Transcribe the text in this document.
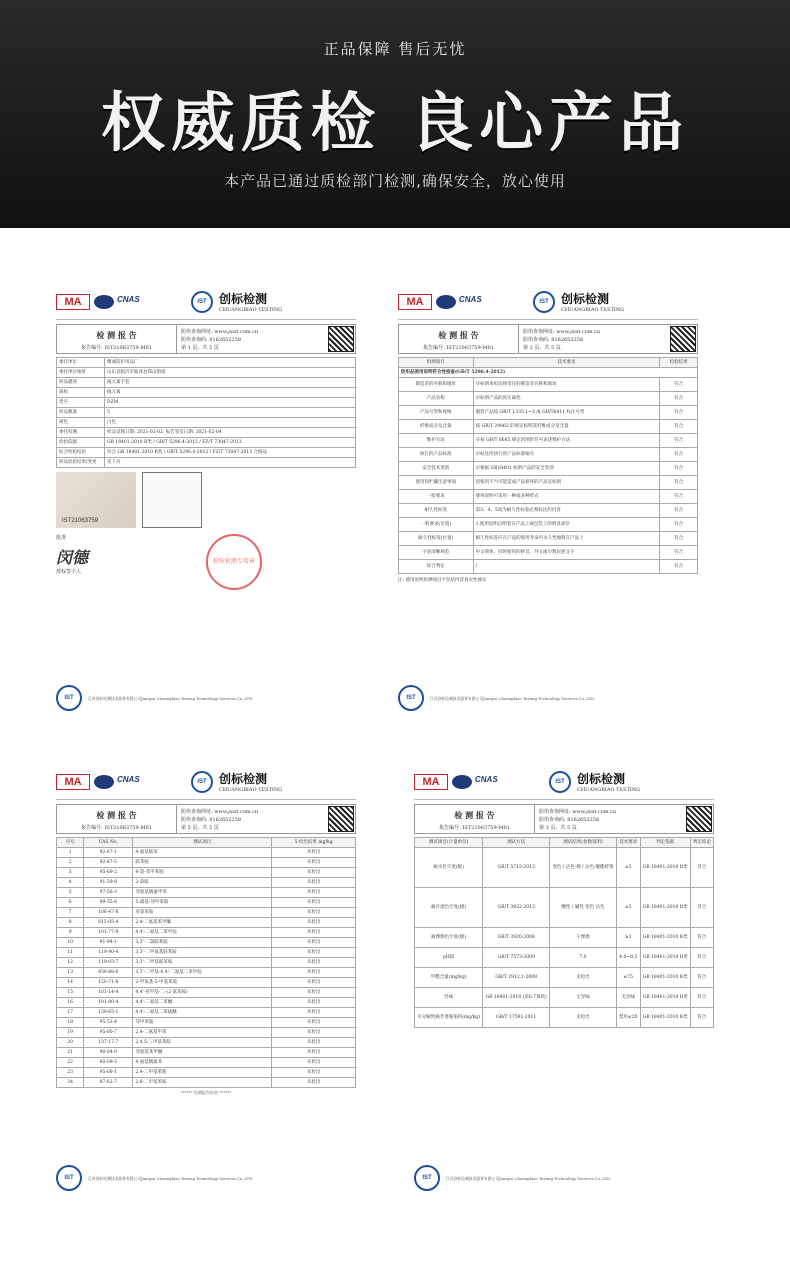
正品保障 售后无忧
权威质检 良心产品
本产品已通过质检部门检测,确保安全，放心使用
MA	CNAS	IST	创标检测
CHUANGBIAO TESTING
检 测 报 告
报告编号: IST21063759-M01
防伪查询网址: www.jsist.com.cn
防伪查询码: 8162652258
第 1 页，共 5 页
委托单位	精诚防护用品厂
委托单位地址	山东省临沂市临沭县郑山街道
样品描述	线元素手套
商标	线元素
货号	DZM
样品数量	5
颜色	白色
委托检测	样品受理日期: 2021-02-02, 报告签发日期: 2021-02-04
检验依据	GB 18401-2010 B类 / GB/T 5296.4-2012 / FZ/T 73047-2013
综合检验结论	符合 GB 18401-2010 B类 / GB/T 5296.4-2012 / FZ/T 73047-2013 合格品
样品检验结果/变更	见下页
IST21063759
批准
闵德
授权签字人
检验检测专用章
IST	江苏创标检测技术服务有限公司Jiangsu Chuangbiao Testing Technology Services Co.,LTD.
MA	CNAS	IST	创标检测
CHUANGBIAO TESTING
检 测 报 告
报告编号: IST21063759-M01
防伪查询网址: www.jsist.com.cn
防伪查询码: 8162652258
第 2 页，共 5 页
检测项目	技术要求	检验结果
防织品使用说明符合性检查(GB/T 5296.4-2012)		
制造者的名称和地址	应标明承担法律责任的制造者名称和地址	符合
产品名称	应标明产品的真实属性	符合
产品号型和规格	服装产品按 GB/T 1335.1~3 或 GB/T6411 标注号型	符合
纤维成分及含量	按 GB/T 29862 的规定标明其纤维成分及含量	符合
维护方法	应按 GB/T 8685 规定的图形符号表述维护方法	符合
执行的产品标准	应标注所执行的产品标准编号	符合
安全技术类别	应根据 GB18401 标明产品的安全类别	符合
使用和贮藏注意事项	因使用不当可能造成产品损坏的产品宜标明	符合
一般要求	使用说明可采用一种或多种形式	符合
耐久性标签	第3、4、5项为耐久性标签必须标注的内容	符合
一般要求(位置)	1.使用说明应附着在产品上或包装上的明显部位	符合
耐久性标签(位置)	耐久性标签应在产品的使用寿命内永久性地附在产品上	符合
字迹清晰规范	中文简体，同时使用的拼音、外文或少数民族文字	符合
综合判定	/	符合
注: 使用说明检测项目不包括内容真实性核实
IST	江苏创标检测技术服务有限公司Jiangsu Chuangbiao Testing Technology Services Co.,LTD.
MA	CNAS	IST	创标检测
CHUANGBIAO TESTING
检 测 报 告
报告编号: IST21063759-M01
防伪查询网址: www.jsist.com.cn
防伪查询码: 8162652258
第 5 页，共 5 页
序号	CAS No.	测试项目	5 检出结果 mg/kg
1	92-67-1	4-氨基联苯	未检出
2	92-87-5	联苯胺	未检出
3	95-69-2	4-氯-邻甲苯胺	未检出
4	91-59-8	2-萘胺	未检出
5	97-56-3	邻氨基偶氮甲苯	未检出
6	99-55-8	5-硝基-邻甲苯胺	未检出
7	106-47-8	对氯苯胺	未检出
8	615-05-4	2,4-二氨基苯甲醚	未检出
9	101-77-9	4,4'-二氨基二苯甲烷	未检出
10	91-94-1	3,3'-二氯联苯胺	未检出
11	119-90-4	3,3'-二甲氧基联苯胺	未检出
12	119-93-7	3,3'-二甲基联苯胺	未检出
13	838-88-0	3,3'-二甲基-4,4'-二氨基二苯甲烷	未检出
14	120-71-8	2-甲氧基-5-甲基苯胺	未检出
15	101-14-4	4,4'-亚甲基-二-(2-氯苯胺)	未检出
16	101-80-4	4,4'-二氨基二苯醚	未检出
17	139-65-1	4,4'-二氨基二苯硫醚	未检出
18	95-53-4	邻甲苯胺	未检出
19	95-80-7	2,4-二氨基甲苯	未检出
20	137-17-7	2,4,5-三甲基苯胺	未检出
21	90-04-0	邻氨基苯甲醚	未检出
22	60-09-3	4-氨基偶氮苯	未检出
23	95-68-1	2,4-二甲基苯胺	未检出
24	87-62-7	2,6-二甲基苯胺	未检出
****** 检测报告结束 ******
IST	江苏创标检测技术服务有限公司Jiangsu Chuangbiao Testing Technology Services Co.,LTD.
MA	CNAS	IST	创标检测
CHUANGBIAO TESTING
检 测 报 告
报告编号: IST21063759-M01
防伪查询网址: www.jsist.com.cn
防伪查询码: 8162652258
第 3 页，共 5 页
测试项目(计量单位)	测试方法	测试结果(参数说明)	技术要求	判定依据	判定结论
耐水色牢度(级)	GB/T 5713-2013	变色 / 沾色-棉 / 沾色-聚酯纤维	≥3	GB 18401-2010 B类	符合
耐汗渍色牢度(级)	GB/T 3922-2013	酸性 / 碱性 变色 沾色	≥3	GB 18401-2010 B类	符合
耐摩擦色牢度(级)	GB/T 3920-2008	干摩擦	≥3	GB 18401-2010 B类	符合
pH值	GB/T 7573-2009	7.0	4.0~8.5	GB 18401-2010 B类	符合
甲醛含量(mg/kg)	GB/T 2912.1-2009	未检出	≤75	GB 18401-2010 B类	符合
异味	GB 18401-2010 (第6.7条款)	无异味	无异味	GB 18401-2010 B类	符合
可分解致癌芳香胺染料(mg/kg)	GB/T 17592-2011	未检出	禁用≤20	GB 18401-2010 B类	符合
IST	江苏创标检测技术服务有限公司Jiangsu Chuangbiao Testing Technology Services Co.,LTD.
